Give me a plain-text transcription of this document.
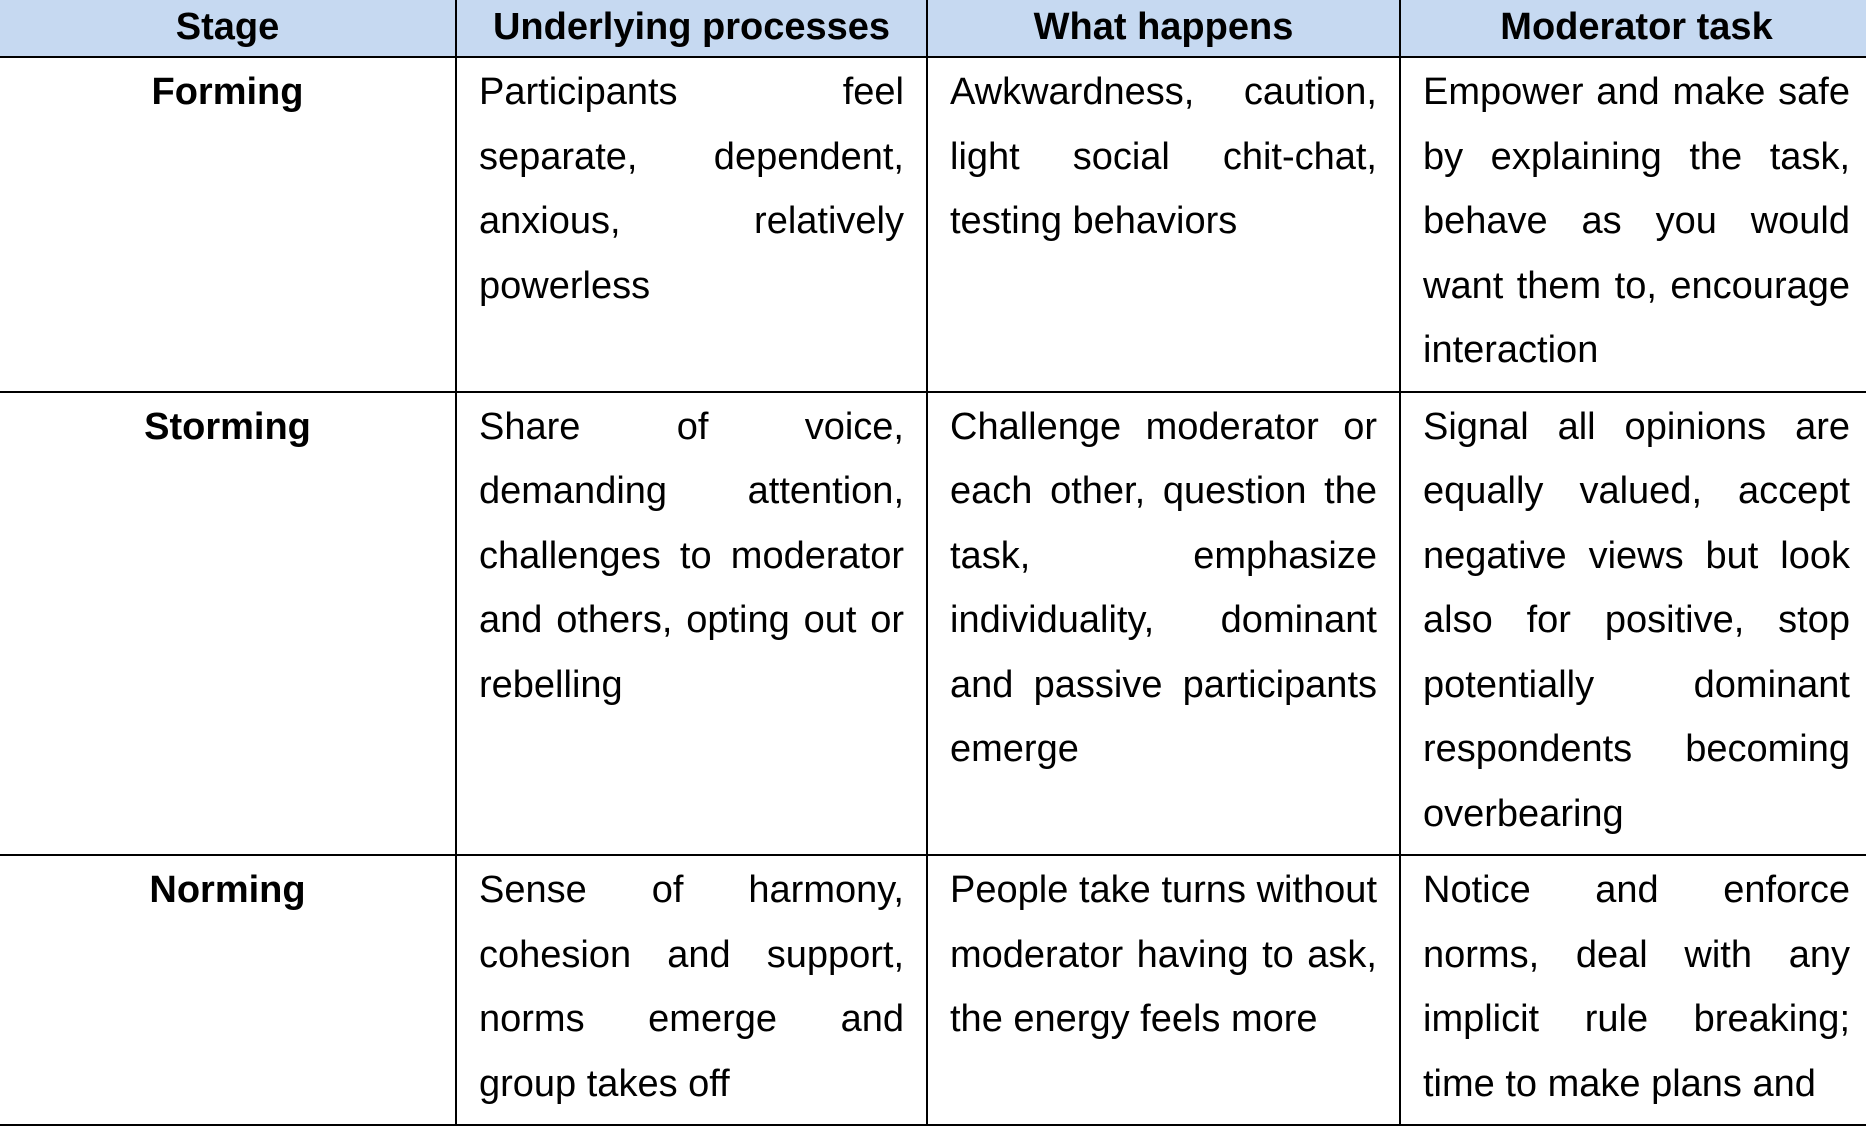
Stage	Underlying processes	What happens	Moderator task
Forming	Participants feel separate, dependent, anxious, relatively powerless	Awkwardness, caution, light social chit-chat, testing behaviors	Empower and make safe by explaining the task, behave as you would want them to, encourage interaction
Storming	Share of voice, demanding attention, challenges to moderator and others, opting out or rebelling	Challenge moderator or each other, question the task, emphasize individuality, dominant and passive participants emerge	Signal all opinions are equally valued, accept negative views but look also for positive, stop potentially dominant respondents becoming overbearing
Norming	Sense of harmony, cohesion and support, norms emerge and group takes off	People take turns without moderator having to ask, the energy feels more	Notice and enforce norms, deal with any implicit rule breaking; time to make plans and
